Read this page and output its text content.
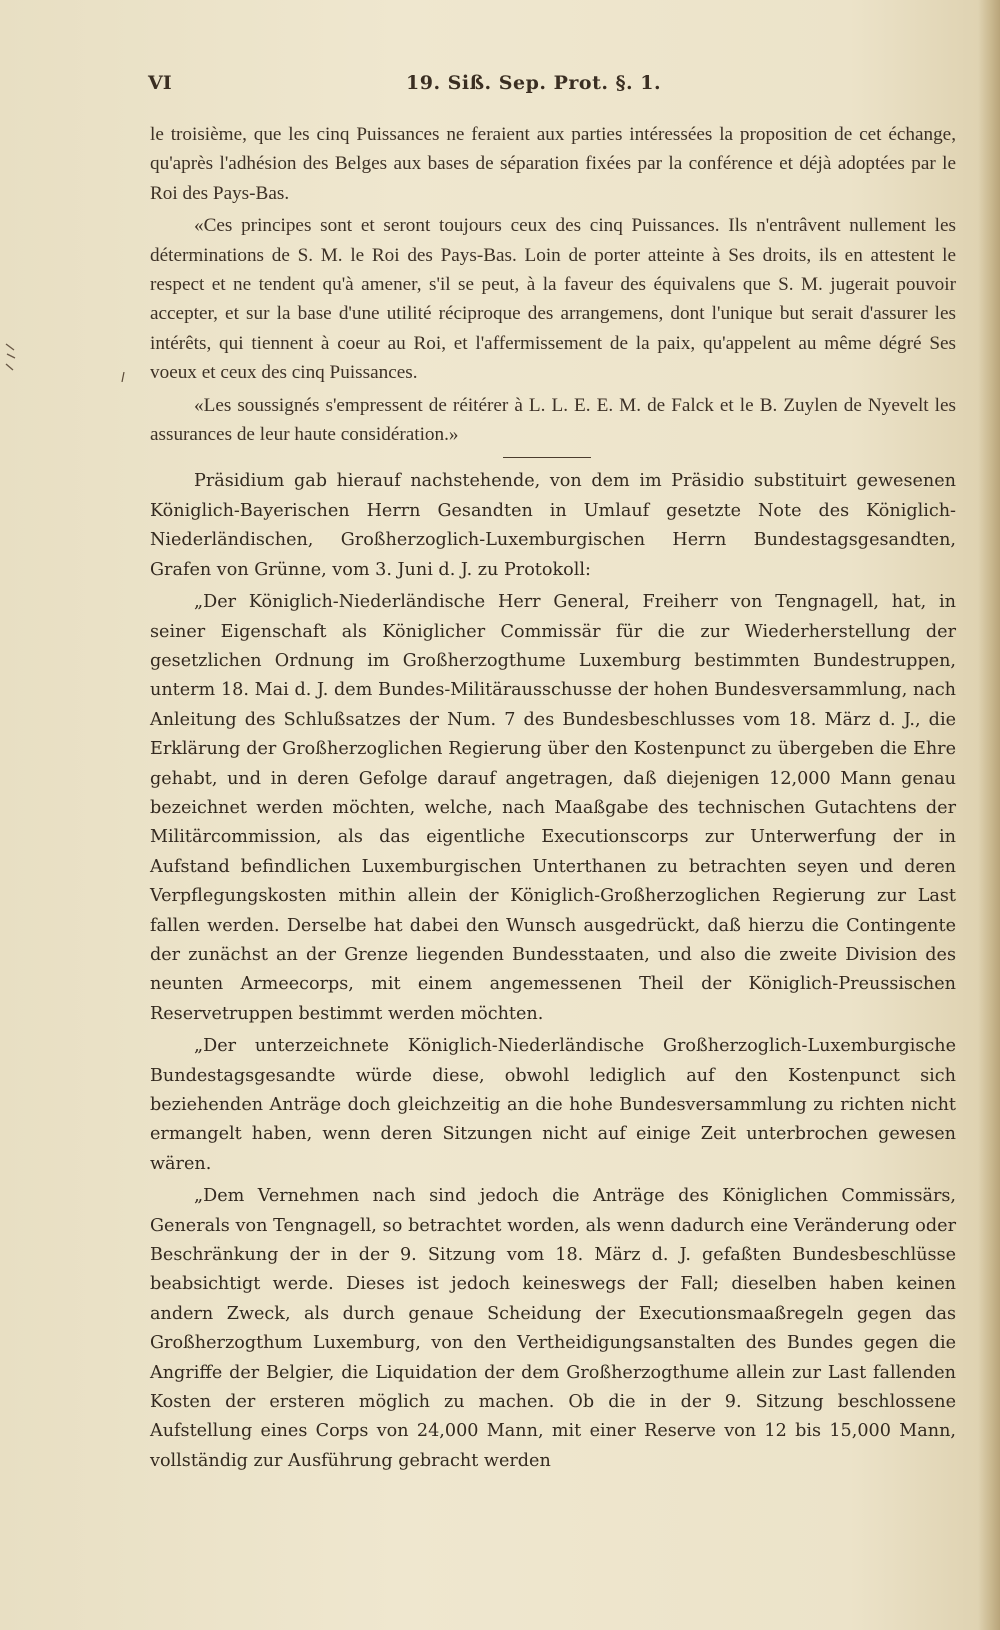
VI	19. Siß. Sep. Prot. §. 1.

le troisième, que les cinq Puissances ne feraient aux parties intéressées la proposition de cet échange, qu'après l'adhésion des Belges aux bases de séparation fixées par la conférence et déjà adoptées par le Roi des Pays-Bas.

«Ces principes sont et seront toujours ceux des cinq Puissances. Ils n'entrâvent nullement les déterminations de S. M. le Roi des Pays-Bas. Loin de porter atteinte à Ses droits, ils en attestent le respect et ne tendent qu'à amener, s'il se peut, à la faveur des équivalens que S. M. jugerait pouvoir accepter, et sur la base d'une utilité réciproque des arrangemens, dont l'unique but serait d'assurer les intérêts, qui tiennent à coeur au Roi, et l'affermissement de la paix, qu'appelent au même dégré Ses voeux et ceux des cinq Puissances.

«Les soussignés s'empressent de réitérer à L. L. E. E. M. de Falck et le B. Zuylen de Nyevelt les assurances de leur haute considération.»

Präsidium gab hierauf nachstehende, von dem im Präsidio substituirt gewesenen Königlich-Bayerischen Herrn Gesandten in Umlauf gesetzte Note des Königlich-Niederländischen, Großherzoglich-Luxemburgischen Herrn Bundestagsgesandten, Grafen von Grünne, vom 3. Juni d. J. zu Protokoll:

„Der Königlich-Niederländische Herr General, Freiherr von Tengnagell, hat, in seiner Eigenschaft als Königlicher Commissär für die zur Wiederherstellung der gesetzlichen Ordnung im Großherzogthume Luxemburg bestimmten Bundestruppen, unterm 18. Mai d. J. dem Bundes-Militärausschusse der hohen Bundesversammlung, nach Anleitung des Schlußsatzes der Num. 7 des Bundesbeschlusses vom 18. März d. J., die Erklärung der Großherzoglichen Regierung über den Kostenpunct zu übergeben die Ehre gehabt, und in deren Gefolge darauf angetragen, daß diejenigen 12,000 Mann genau bezeichnet werden möchten, welche, nach Maaßgabe des technischen Gutachtens der Militärcommission, als das eigentliche Executionscorps zur Unterwerfung der in Aufstand befindlichen Luxemburgischen Unterthanen zu betrachten seyen und deren Verpflegungskosten mithin allein der Königlich-Großherzoglichen Regierung zur Last fallen werden. Derselbe hat dabei den Wunsch ausgedrückt, daß hierzu die Contingente der zunächst an der Grenze liegenden Bundesstaaten, und also die zweite Division des neunten Armeecorps, mit einem angemessenen Theil der Königlich-Preussischen Reservetruppen bestimmt werden möchten.

„Der unterzeichnete Königlich-Niederländische Großherzoglich-Luxemburgische Bundestagsgesandte würde diese, obwohl lediglich auf den Kostenpunct sich beziehenden Anträge doch gleichzeitig an die hohe Bundesversammlung zu richten nicht ermangelt haben, wenn deren Sitzungen nicht auf einige Zeit unterbrochen gewesen wären.

„Dem Vernehmen nach sind jedoch die Anträge des Königlichen Commissärs, Generals von Tengnagell, so betrachtet worden, als wenn dadurch eine Veränderung oder Beschränkung der in der 9. Sitzung vom 18. März d. J. gefaßten Bundesbeschlüsse beabsichtigt werde. Dieses ist jedoch keineswegs der Fall; dieselben haben keinen andern Zweck, als durch genaue Scheidung der Executionsmaaßregeln gegen das Großherzogthum Luxemburg, von den Vertheidigungsanstalten des Bundes gegen die Angriffe der Belgier, die Liquidation der dem Großherzogthume allein zur Last fallenden Kosten der ersteren möglich zu machen. Ob die in der 9. Sitzung beschlossene Aufstellung eines Corps von 24,000 Mann, mit einer Reserve von 12 bis 15,000 Mann, vollständig zur Ausführung gebracht werden
